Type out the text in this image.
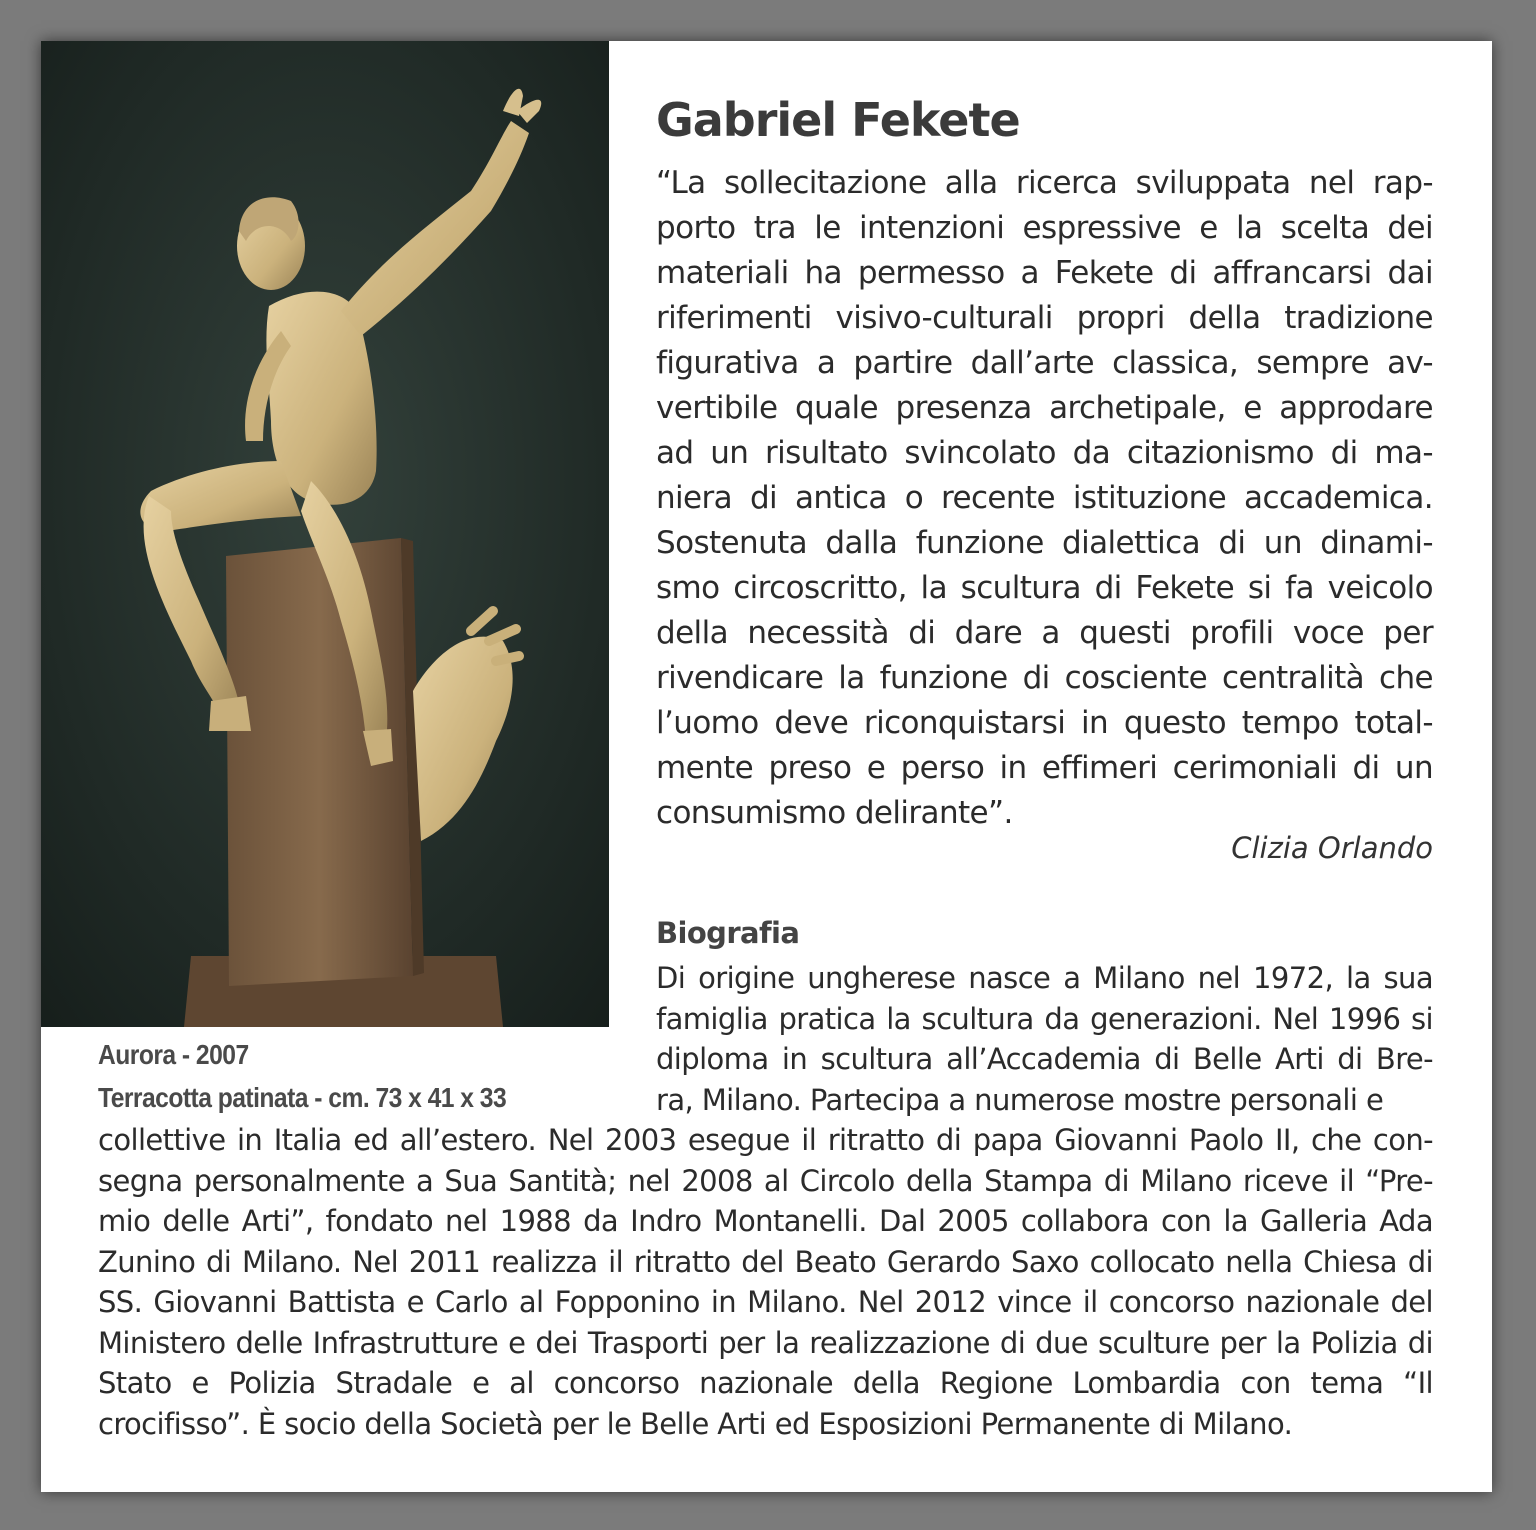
Aurora - 2007
Terracotta patinata - cm. 73 x 41 x 33
Gabriel Fekete

“La sollecitazione alla ricerca sviluppata nel rap- porto tra le intenzioni espressive e la scelta dei materiali ha permesso a Fekete di affrancarsi dai riferimenti visivo-culturali propri della tradizione figurativa a partire dall’arte classica, sempre av- vertibile quale presenza archetipale, e approdare ad un risultato svincolato da citazionismo di ma- niera di antica o recente istituzione accademica. Sostenuta dalla funzione dialettica di un dinami- smo circoscritto, la scultura di Fekete si fa veicolo della necessità di dare a questi profili voce per rivendicare la funzione di cosciente centralità che l’uomo deve riconquistarsi in questo tempo total- mente preso e perso in effimeri cerimoniali di un consumismo delirante”.

Clizia Orlando
Biografia

Di origine ungherese nasce a Milano nel 1972, la sua famiglia pratica la scultura da generazioni. Nel 1996 si diploma in scultura all’Accademia di Belle Arti di Bre- ra, Milano. Partecipa a numerose mostre personali e

collettive in Italia ed all’estero. Nel 2003 esegue il ritratto di papa Giovanni Paolo II, che con- segna personalmente a Sua Santità; nel 2008 al Circolo della Stampa di Milano riceve il “Pre- mio delle Arti”, fondato nel 1988 da Indro Montanelli. Dal 2005 collabora con la Galleria Ada Zunino di Milano. Nel 2011 realizza il ritratto del Beato Gerardo Saxo collocato nella Chiesa di SS. Giovanni Battista e Carlo al Fopponino in Milano. Nel 2012 vince il concorso nazionale del Ministero delle Infrastrutture e dei Trasporti per la realizzazione di due sculture per la Polizia di Stato e Polizia Stradale e al concorso nazionale della Regione Lombardia con tema “Il crocifisso”. È socio della Società per le Belle Arti ed Esposizioni Permanente di Milano.
